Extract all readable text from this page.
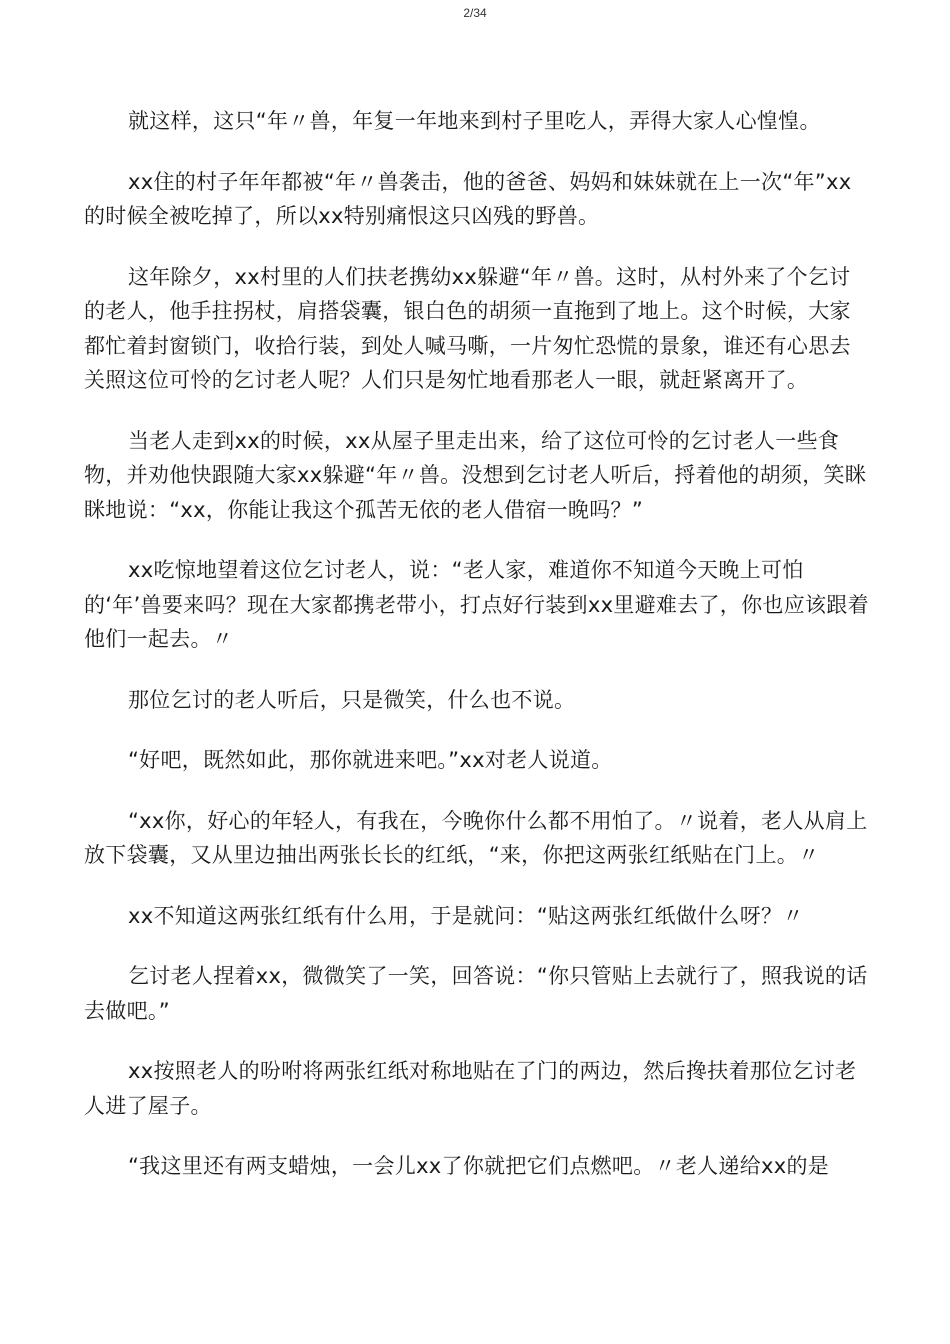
2/34

就这样，这只“年〃兽，年复一年地来到村子里吃人，弄得大家人心惶惶。

xx住的村子年年都被“年〃兽袭击，他的爸爸、妈妈和妹妹就在上一次“年”xx的时候全被吃掉了，所以xx特别痛恨这只凶残的野兽。

这年除夕，xx村里的人们扶老携幼xx躲避“年〃兽。这时，从村外来了个乞讨的老人，他手拄拐杖，肩搭袋囊，银白色的胡须一直拖到了地上。这个时候，大家都忙着封窗锁门，收拾行装，到处人喊马嘶，一片匆忙恐慌的景象，谁还有心思去关照这位可怜的乞讨老人呢？人们只是匆忙地看那老人一眼，就赶紧离开了。

当老人走到xx的时候，xx从屋子里走出来，给了这位可怜的乞讨老人一些食物，并劝他快跟随大家xx躲避“年〃兽。没想到乞讨老人听后，捋着他的胡须，笑眯眯地说：“xx，你能让我这个孤苦无依的老人借宿一晚吗？”

xx吃惊地望着这位乞讨老人，说：“老人家，难道你不知道今天晚上可怕的‘年’兽要来吗？现在大家都携老带小，打点好行装到xx里避难去了，你也应该跟着他们一起去。〃

那位乞讨的老人听后，只是微笑，什么也不说。

“好吧，既然如此，那你就进来吧。”xx对老人说道。

“xx你，好心的年轻人，有我在，今晚你什么都不用怕了。〃说着，老人从肩上放下袋囊，又从里边抽出两张长长的红纸，“来，你把这两张红纸贴在门上。〃

xx不知道这两张红纸有什么用，于是就问：“贴这两张红纸做什么呀？〃

乞讨老人捏着xx，微微笑了一笑，回答说：“你只管贴上去就行了，照我说的话去做吧。”

xx按照老人的吩咐将两张红纸对称地贴在了门的两边，然后搀扶着那位乞讨老人进了屋子。

“我这里还有两支蜡烛，一会儿xx了你就把它们点燃吧。〃老人递给xx的是
